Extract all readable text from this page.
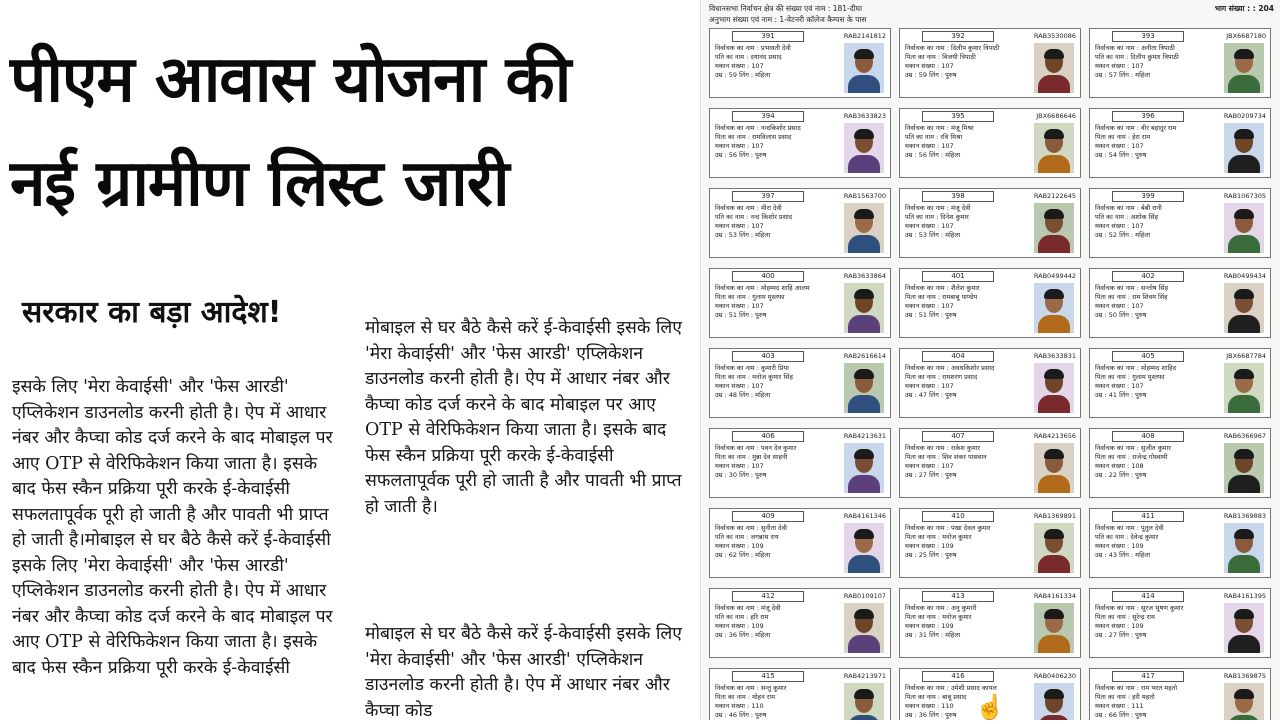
पीएम आवास योजना की
नई ग्रामीण लिस्ट जारी
सरकार का बड़ा आदेश!

इसके लिए 'मेरा केवाईसी' और 'फेस आरडी' एप्लिकेशन डाउनलोड करनी होती है। ऐप में आधार नंबर और कैप्चा कोड दर्ज करने के बाद मोबाइल पर आए OTP से वेरिफिकेशन किया जाता है। इसके बाद फेस स्कैन प्रक्रिया पूरी करके ई-केवाईसी सफलतापूर्वक पूरी हो जाती है और पावती भी प्राप्त हो जाती है।मोबाइल से घर बैठे कैसे करें ई-केवाईसी इसके लिए 'मेरा केवाईसी' और 'फेस आरडी' एप्लिकेशन डाउनलोड करनी होती है। ऐप में आधार नंबर और कैप्चा कोड दर्ज करने के बाद मोबाइल पर आए OTP से वेरिफिकेशन किया जाता है। इसके बाद फेस स्कैन प्रक्रिया पूरी करके ई-केवाईसी

मोबाइल से घर बैठे कैसे करें ई-केवाईसी इसके लिए 'मेरा केवाईसी' और 'फेस आरडी' एप्लिकेशन डाउनलोड करनी होती है। ऐप में आधार नंबर और कैप्चा कोड दर्ज करने के बाद मोबाइल पर आए OTP से वेरिफिकेशन किया जाता है। इसके बाद फेस स्कैन प्रक्रिया पूरी करके ई-केवाईसी सफलतापूर्वक पूरी हो जाती है और पावती भी प्राप्त हो जाती है।

मोबाइल से घर बैठे कैसे करें ई-केवाईसी इसके लिए 'मेरा केवाईसी' और 'फेस आरडी' एप्लिकेशन डाउनलोड करनी होती है। ऐप में आधार नंबर और कैप्चा कोड

विधानसभा निर्वाचन क्षेत्र की संख्या एवं नाम : 181-दीघा
अनुभाग संख्या एवं नाम : 1-वेटनरी कॉलेज कैम्पस के पास
भाग संख्या : : 204
391	RAB2141812
निर्वाचक का नाम : प्रभावती देवी
पति का नाम : दयानंद प्रसाद
मकान संख्या : 107
उम्र : 59 लिंग : महिला
392	RAB3530086
निर्वाचक का नाम : दिलीप कुमार त्रिपाठी
पिता का नाम : विजयी त्रिपाठी
मकान संख्या : 107
उम्र : 59 लिंग : पुरुष
393	JBX6687180
निर्वाचक का नाम : अनीता त्रिपाठी
पति का नाम : दिलीप कुमार त्रिपाठी
मकान संख्या : 107
उम्र : 57 लिंग : महिला
394	RAB3633823
निर्वाचक का नाम : नन्दकिशोर प्रसाद
पिता का नाम : रामविलास प्रसाद
मकान संख्या : 107
उम्र : 56 लिंग : पुरुष
395	JBX6686646
निर्वाचक का नाम : मंजू मिश्रा
पति का नाम : रवि मिश्रा
मकान संख्या : 107
उम्र : 56 लिंग : महिला
396	RAB0209734
निर्वाचक का नाम : वीर बहादुर राम
पिता का नाम : हेरा राम
मकान संख्या : 107
उम्र : 54 लिंग : पुरुष
397	RAB1563700
निर्वाचक का नाम : मीरा देवी
पति का नाम : नन्द किशोर प्रसाद
मकान संख्या : 107
उम्र : 53 लिंग : महिला
398	RAB2122645
निर्वाचक का नाम : मंजू देवी
पति का नाम : दिनेश कुमार
मकान संख्या : 107
उम्र : 53 लिंग : महिला
399	RAB1067305
निर्वाचक का नाम : बेबी रानी
पति का नाम : अशोक सिंह
मकान संख्या : 107
उम्र : 52 लिंग : महिला
400	RAB3633864
निर्वाचक का नाम : मोहम्मद शाहि आलम
पिता का नाम : गुलाम मुस्तफा
मकान संख्या : 107
उम्र : 51 लिंग : पुरुष
401	RAB0499442
निर्वाचक का नाम : शैलेश कुमार
पिता का नाम : रामबाबू पाण्डेय
मकान संख्या : 107
उम्र : 51 लिंग : पुरुष
402	RAB0499434
निर्वाचक का नाम : सन्तोष सिंह
पिता का नाम : राम शिवम सिंह
मकान संख्या : 107
उम्र : 50 लिंग : पुरुष
403	RAB2616614
निर्वाचक का नाम : कुमारी प्रिया
पिता का नाम : मनोज कुमार सिंह
मकान संख्या : 107
उम्र : 48 लिंग : महिला
404	RAB3633831
निर्वाचक का नाम : अवधकिशोर प्रसाद
पिता का नाम : रामशरण प्रसाद
मकान संख्या : 107
उम्र : 47 लिंग : पुरुष
405	JBX6687784
निर्वाचक का नाम : मोहम्मद शाहिद
पिता का नाम : गुलाम मुस्तफा
मकान संख्या : 107
उम्र : 41 लिंग : पुरुष
406	RAB4213631
निर्वाचक का नाम : पवन देव कुमार
पिता का नाम : मुन्ना देव साहनी
मकान संख्या : 107
उम्र : 30 लिंग : पुरुष
407	RAB4213656
निर्वाचक का नाम : राकेश कुमार
पिता का नाम : शिव शंकर पासवान
मकान संख्या : 107
उम्र : 27 लिंग : पुरुष
408	RAB6366967
निर्वाचक का नाम : सुजीत कुमार
पिता का नाम : राजेन्द्र गोस्वामी
मकान संख्या : 108
उम्र : 22 लिंग : पुरुष
409	RAB4161346
निर्वाचक का नाम : सुनीता देवी
पति का नाम : जगन्नाथ राय
मकान संख्या : 109
उम्र : 62 लिंग : महिला
410	RAB1369891
निर्वाचक का नाम : पंखा देवल कुमार
पिता का नाम : मनोज कुमार
मकान संख्या : 109
उम्र : 25 लिंग : पुरुष
411	RAB1369883
निर्वाचक का नाम : पुतुल देवी
पति का नाम : देवेन्द्र कुमार
मकान संख्या : 109
उम्र : 43 लिंग : महिला
412	RAB0109107
निर्वाचक का नाम : मंजू देवी
पति का नाम : हरि राम
मकान संख्या : 109
उम्र : 36 लिंग : महिला
413	RAB4161334
निर्वाचक का नाम : अनु कुमारी
पिता का नाम : मनोज कुमार
मकान संख्या : 109
उम्र : 31 लिंग : महिला
414	RAB4161395
निर्वाचक का नाम : सूरज भूषण कुमार
पिता का नाम : सुरेन्द्र राम
मकान संख्या : 109
उम्र : 27 लिंग : पुरुष
415	RAB4213971
निर्वाचक का नाम : सन्तु कुमार
पिता का नाम : मोहन राम
मकान संख्या : 110
उम्र : 46 लिंग : पुरुष
416	RAB0406230
निर्वाचक का नाम : उमेशी प्रसाद कायल
पिता का नाम : बाबू प्रसाद
मकान संख्या : 110
उम्र : 36 लिंग : पुरुष
417	RAB1369875
निर्वाचक का नाम : राम भरत महतो
पिता का नाम : हरी महतो
मकान संख्या : 111
उम्र : 66 लिंग : पुरुष
☝
